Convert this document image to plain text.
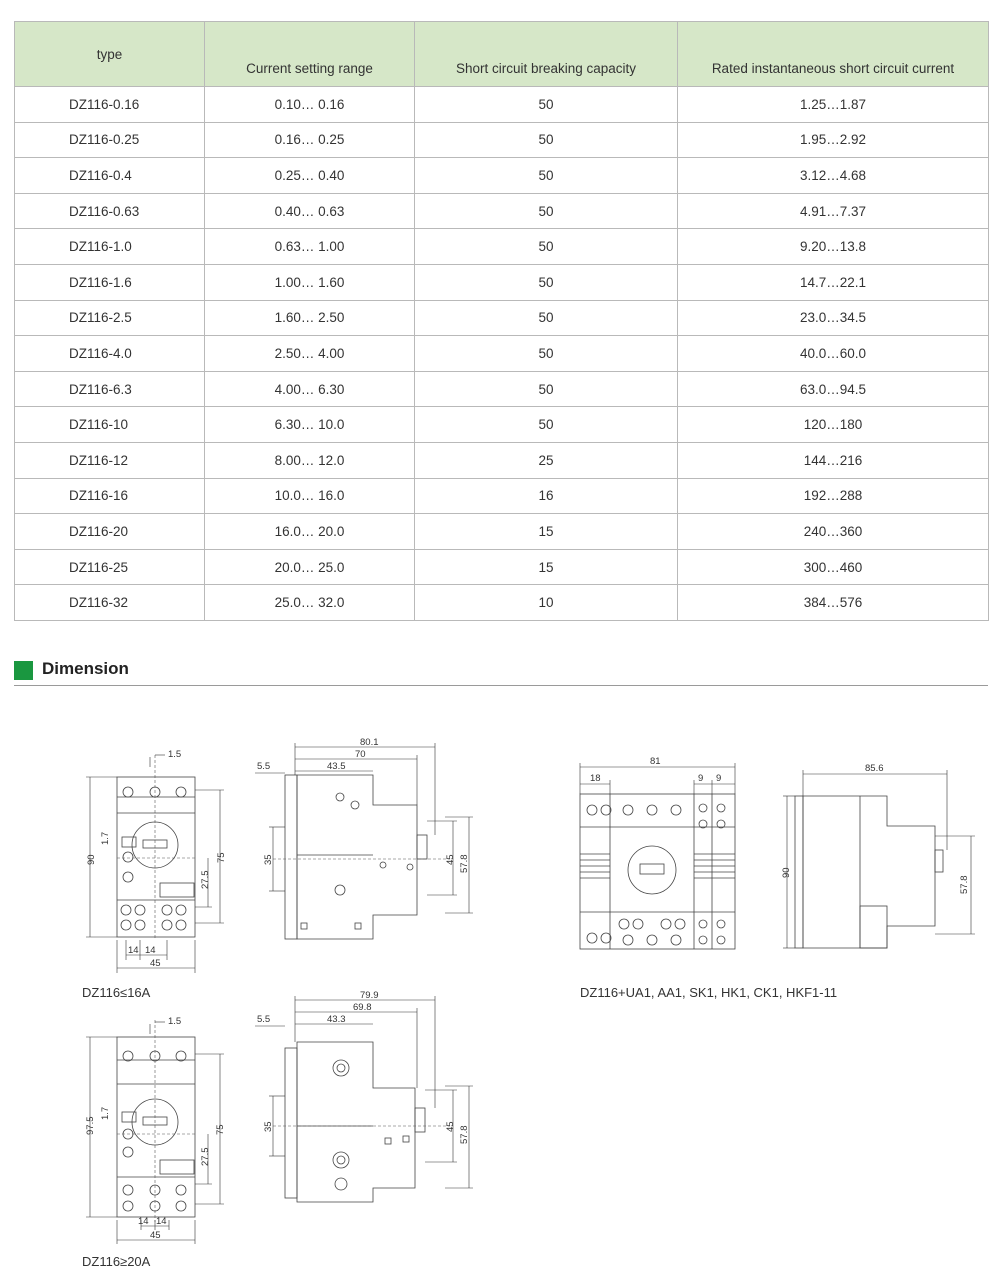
type	Current setting range	Short circuit breaking capacity	Rated instantaneous short circuit current
DZ116-0.16	0.10… 0.16	50	1.25…1.87
DZ116-0.25	0.16… 0.25	50	1.95…2.92
DZ116-0.4	0.25… 0.40	50	3.12…4.68
DZ116-0.63	0.40… 0.63	50	4.91…7.37
DZ116-1.0	0.63… 1.00	50	9.20…13.8
DZ116-1.6	1.00… 1.60	50	14.7…22.1
DZ116-2.5	1.60… 2.50	50	23.0…34.5
DZ116-4.0	2.50… 4.00	50	40.0…60.0
DZ116-6.3	4.00… 6.30	50	63.0…94.5
DZ116-10	6.30… 10.0	50	120…180
DZ116-12	8.00… 12.0	25	144…216
DZ116-16	10.0… 16.0	16	192…288
DZ116-20	16.0… 20.0	15	240…360
DZ116-25	20.0… 25.0	15	300…460
DZ116-32	25.0… 32.0	10	384…576
Dimension
1.5
90
1.7
75
27.5
14 14
45
80.1
70
43.5
5.5
35	45 57.8
DZ116≤16A
1.5
97.5
1.7
75
27.5
14 14
45
79.9
69.8
43.3
5.5
35	45 57.8
DZ116≥20A
81
18	9 9
85.6
90
57.8
DZ116+UA1, AA1, SK1, HK1, CK1, HKF1-11
